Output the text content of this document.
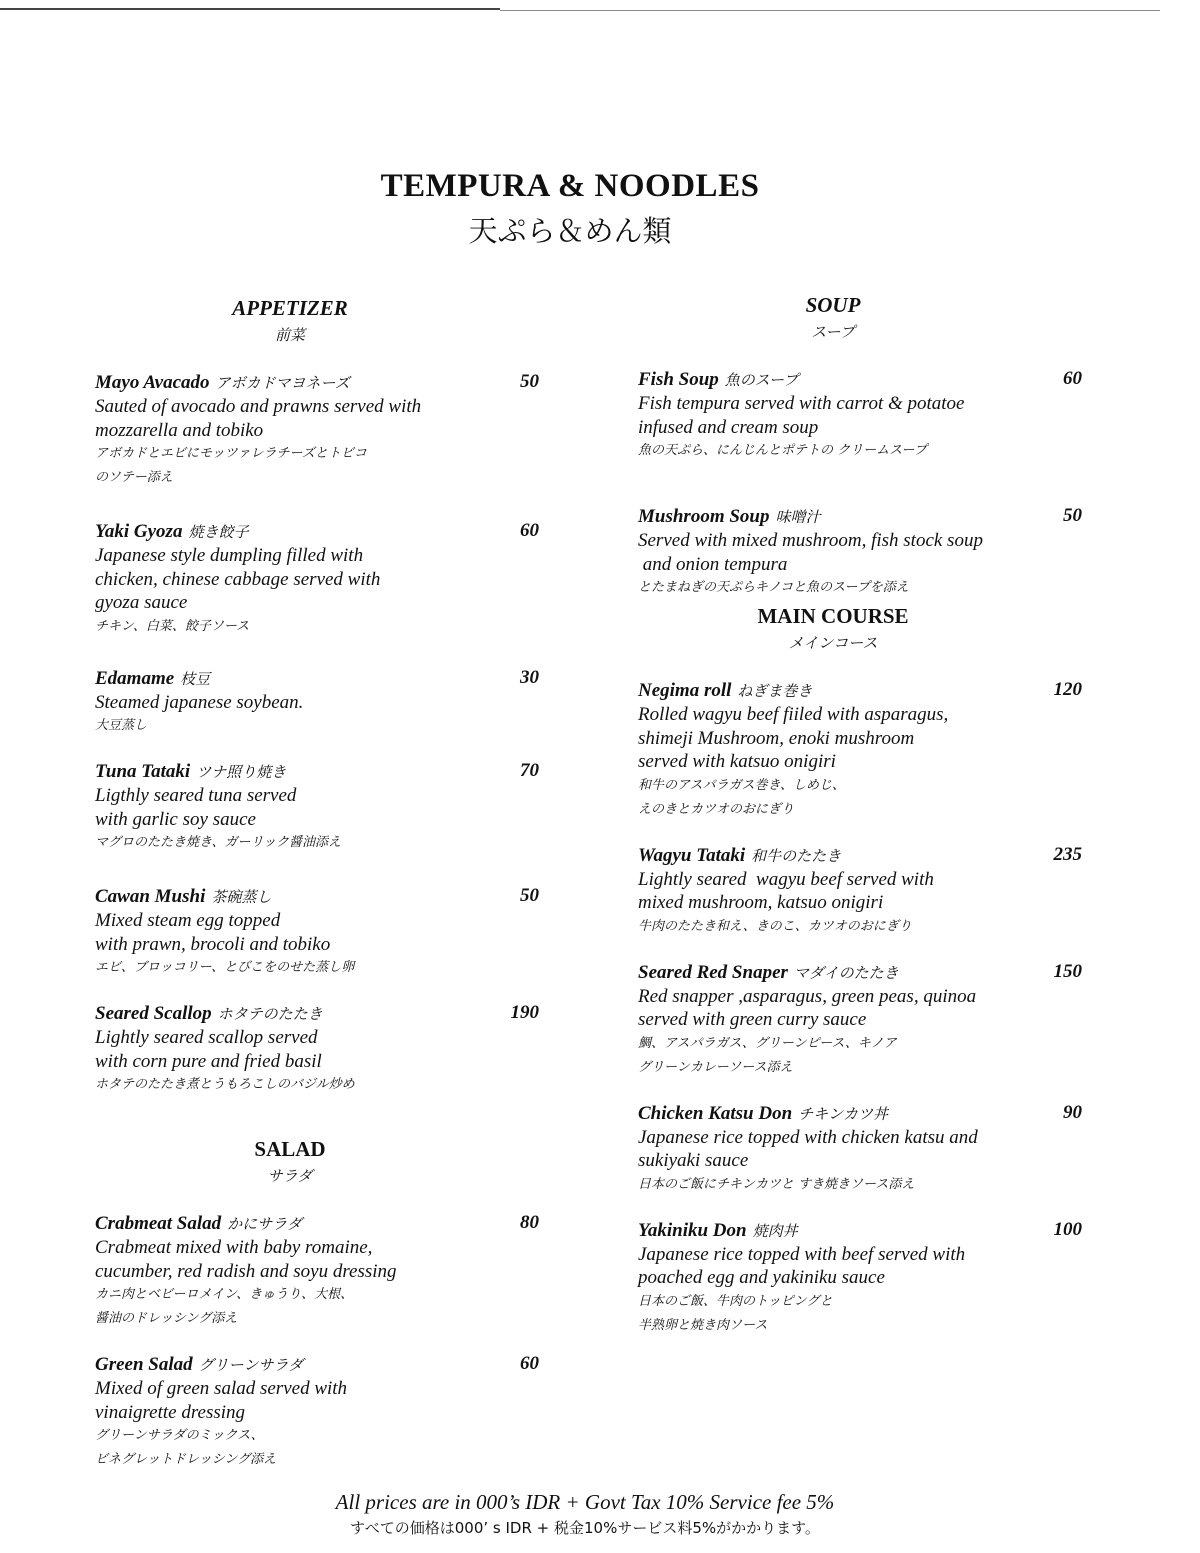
TEMPURA & NOODLES
天ぷら＆めん類
APPETIZER
前菜
Mayo Avacado アボカドマヨネーズ	50
Sauted of avocado and prawns served with
mozzarella and tobiko
アボカドとエビにモッツァレラチーズとトビコ
のソテー添え
Yaki Gyoza 焼き餃子	60
Japanese style dumpling filled with
chicken, chinese cabbage served with
gyoza sauce
チキン、白菜、餃子ソース
Edamame 枝豆	30
Steamed japanese soybean.
大豆蒸し
Tuna Tataki ツナ照り焼き	70
Ligthly seared tuna served
with garlic soy sauce
マグロのたたき焼き、ガーリック醤油添え
Cawan Mushi 茶碗蒸し	50
Mixed steam egg topped
with prawn, brocoli and tobiko
エビ、ブロッコリー、とびこをのせた蒸し卵
Seared Scallop ホタテのたたき	190
Lightly seared scallop served
with corn pure and fried basil
ホタテのたたき煮とうもろこしのバジル炒め
SALAD
サラダ
Crabmeat Salad かにサラダ	80
Crabmeat mixed with baby romaine,
cucumber, red radish and soyu dressing
カニ肉とベビーロメイン、きゅうり、大根、
醤油のドレッシング添え
Green Salad グリーンサラダ	60
Mixed of green salad served with
vinaigrette dressing
グリーンサラダのミックス、
ビネグレットドレッシング添え
SOUP
スープ
Fish Soup 魚のスープ	60
Fish tempura served with carrot & potatoe
infused and cream soup
魚の天ぷら、にんじんとポテトの クリームスープ
Mushroom Soup 味噌汁	50
Served with mixed mushroom, fish stock soup
and onion tempura
とたまねぎの天ぷらキノコと魚のスープを添え
MAIN COURSE
メインコース
Negima roll ねぎま巻き	120
Rolled wagyu beef fiiled with asparagus,
shimeji Mushroom, enoki mushroom
served with katsuo onigiri
和牛のアスパラガス巻き、しめじ、
えのきとカツオのおにぎり
Wagyu Tataki 和牛のたたき	235
Lightly seared  wagyu beef served with
mixed mushroom, katsuo onigiri
牛肉のたたき和え、きのこ、カツオのおにぎり
Seared Red Snaper マダイのたたき	150
Red snapper ,asparagus, green peas, quinoa
served with green curry sauce
鯛、アスパラガス、グリーンピース、キノア
グリーンカレーソース添え
Chicken Katsu Don チキンカツ丼	90
Japanese rice topped with chicken katsu and
sukiyaki sauce
日本のご飯にチキンカツと すき焼きソース添え
Yakiniku Don 焼肉丼	100
Japanese rice topped with beef served with
poached egg and yakiniku sauce
日本のご飯、牛肉のトッピングと
半熟卵と焼き肉ソース
All prices are in 000’s IDR + Govt Tax 10% Service fee 5%
すべての価格は000’ s IDR + 税金10%サービス料5%がかかります。
